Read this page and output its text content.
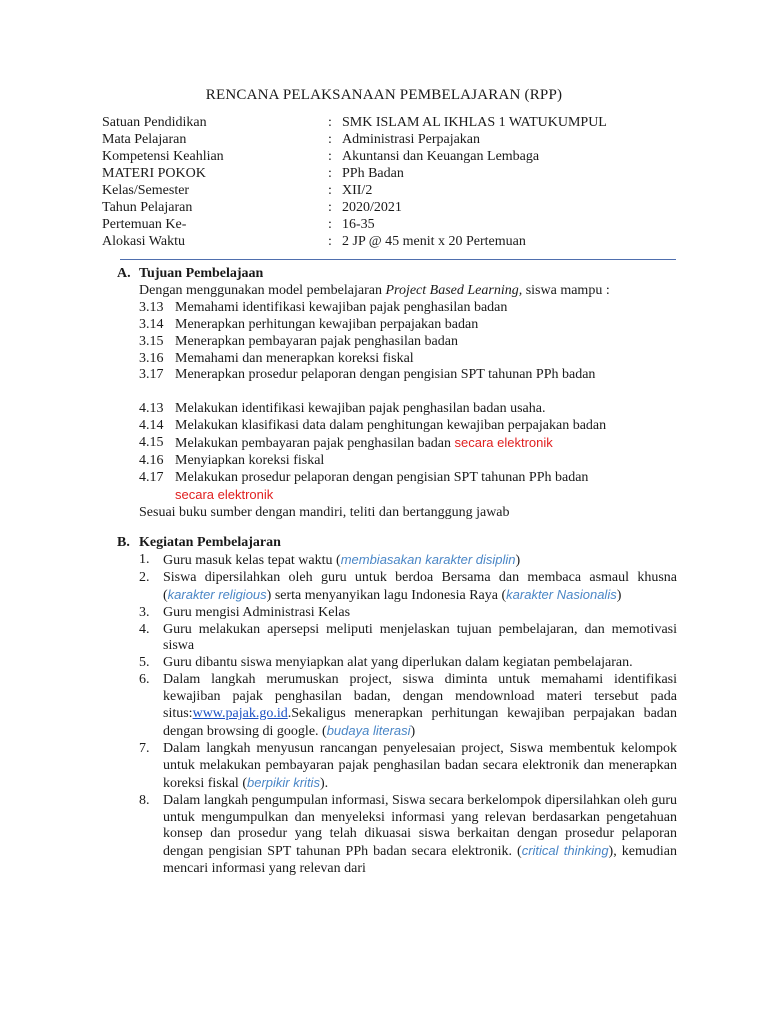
RENCANA PELAKSANAAN PEMBELAJARAN (RPP)
Satuan Pendidikan	: SMK ISLAM AL IKHLAS 1 WATUKUMPUL
Mata Pelajaran	: Administrasi Perpajakan
Kompetensi Keahlian	: Akuntansi dan Keuangan Lembaga
MATERI POKOK	: PPh Badan
Kelas/Semester	: XII/2
Tahun Pelajaran	: 2020/2021
Pertemuan Ke-	: 16-35
Alokasi Waktu	: 2 JP @ 45 menit x 20 Pertemuan
A. Tujuan Pembelajaan
Dengan menggunakan model pembelajaran Project Based Learning, siswa mampu :
3.13 Memahami identifikasi kewajiban pajak penghasilan badan
3.14 Menerapkan perhitungan kewajiban perpajakan badan
3.15 Menerapkan pembayaran pajak penghasilan badan
3.16 Memahami dan menerapkan koreksi fiskal
3.17 Menerapkan prosedur pelaporan dengan pengisian SPT tahunan PPh badan
4.13 Melakukan identifikasi kewajiban pajak penghasilan badan usaha.
4.14 Melakukan klasifikasi data dalam penghitungan kewajiban perpajakan badan
4.15 Melakukan pembayaran pajak penghasilan badan secara elektronik
4.16 Menyiapkan koreksi fiskal
4.17 Melakukan prosedur pelaporan dengan pengisian SPT tahunan PPh badan
secara elektronik
Sesuai buku sumber dengan mandiri, teliti dan bertanggung jawab
B. Kegiatan Pembelajaran
1. Guru masuk kelas tepat waktu (membiasakan karakter disiplin)
2. Siswa dipersilahkan oleh guru untuk berdoa Bersama dan membaca asmaul khusna (karakter religious) serta menyanyikan lagu Indonesia Raya (karakter Nasionalis)
3. Guru mengisi Administrasi Kelas
4. Guru melakukan apersepsi meliputi menjelaskan tujuan pembelajaran, dan memotivasi siswa
5. Guru dibantu siswa menyiapkan alat yang diperlukan dalam kegiatan pembelajaran.
6. Dalam langkah merumuskan project, siswa diminta untuk memahami identifikasi kewajiban pajak penghasilan badan, dengan mendownload materi tersebut pada situs:www.pajak.go.id.Sekaligus menerapkan perhitungan kewajiban perpajakan badan dengan browsing di google. (budaya literasi)
7. Dalam langkah menyusun rancangan penyelesaian project, Siswa membentuk kelompok untuk melakukan pembayaran pajak penghasilan badan secara elektronik dan menerapkan koreksi fiskal (berpikir kritis).
8. Dalam langkah pengumpulan informasi, Siswa secara berkelompok dipersilahkan oleh guru untuk mengumpulkan dan menyeleksi informasi yang relevan berdasarkan pengetahuan konsep dan prosedur yang telah dikuasai siswa berkaitan dengan prosedur pelaporan dengan pengisian SPT tahunan PPh badan secara elektronik. (critical thinking), kemudian mencari informasi yang relevan dari
